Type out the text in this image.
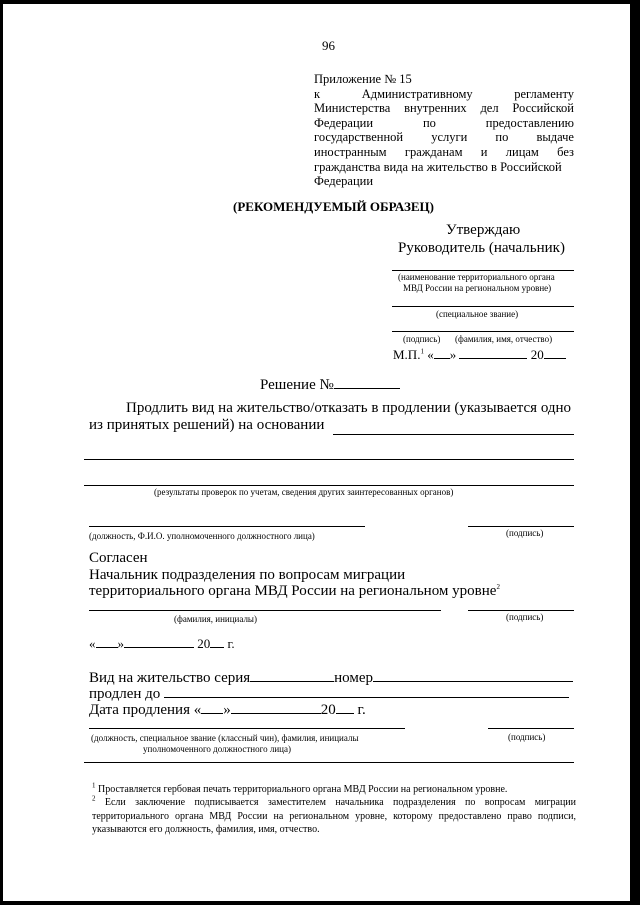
96
Приложение № 15
к	Административному	регламенту
Министерства внутренних дел Российской
Федерации	по	предоставлению
государственной услуги по выдаче
иностранным гражданам и лицам без
гражданства вида на жительство в Российской
Федерации
(РЕКОМЕНДУЕМЫЙ ОБРАЗЕЦ)
Утверждаю
Руководитель (начальник)
(наименование территориального органа
МВД России на региональном уровне)
(специальное звание)
(подпись) (фамилия, имя, отчество)
М.П.$^1$ « »	20
Решение №
Продлить вид на жительство/отказать в продлении (указывается одно
из принятых решений) на основании
(результаты проверок по учетам, сведения других заинтересованных органов)
(должность, Ф.И.О. уполномоченного должностного лица)	(подпись)
Согласен
Начальник подразделения по вопросам миграции
территориального органа МВД России на региональном уровне$^2$
(фамилия, инициалы)	(подпись)
« »	20 г.
Вид на жительство серия	номер
продлен до
Дата продления « »	20 г.
(должность, специальное звание (классный чин), фамилия, инициалы
уполномоченного должностного лица)
(подпись)
$^1$ Проставляется гербовая печать территориального органа МВД России на региональном уровне.
$^2$ Если заключение подписывается заместителем начальника подразделения по вопросам миграции территориального органа МВД России на региональном уровне, которому предоставлено право подписи, указываются его должность, фамилия, имя, отчество.
